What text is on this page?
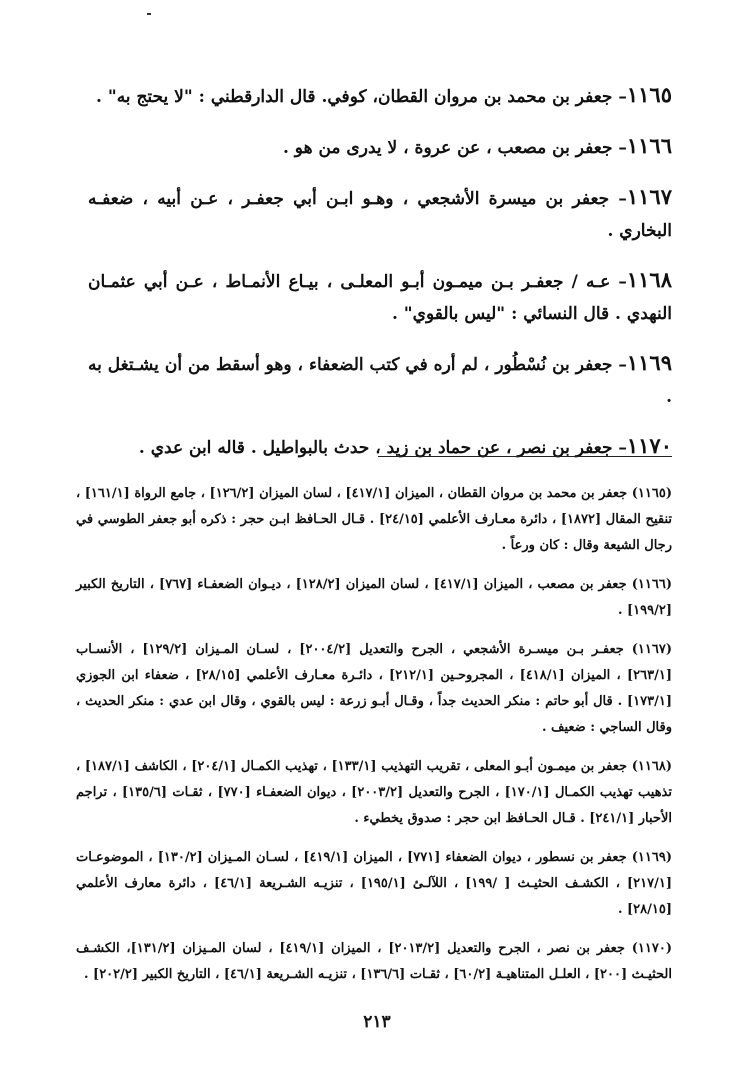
١١٦٥– جعفر بن محمد بن مروان القطان، كوفي. قال الدارقطني : "لا يحتج به" .

١١٦٦– جعفر بن مصعب ، عن عروة ، لا يدرى من هو .

١١٦٧– جعفر بن ميسرة الأشجعي ، وهـو ابـن أبي جعفـر ، عـن أبيه ، ضعفـه البخاري .

١١٦٨– عـه / جعفـر بـن ميمـون أبـو المعلـى ، بيـاع الأنمـاط ، عـن أبي عثمـان النهدي . قال النسائي : "ليس بالقوي" .

١١٦٩– جعفر بن نُسْطُور ، لم أره في كتب الضعفاء ، وهو أسقط من أن يشـتغل به .

١١٧٠– جعفر بن نصر ، عن حماد بن زيد ، حدث بالبواطيل . قاله ابن عدي .

(١١٦٥) جعفر بن محمد بن مروان القطان ، الميزان [٤١٧/١] ، لسان الميزان [١٢٦/٢] ، جامع الرواة [١٦١/١] ، تنقيح المقال [١٨٧٢] ، دائرة معـارف الأعلمي [٢٤/١٥] . قـال الحـافظ ابـن حجر : ذكره أبو جعفر الطوسي في رجال الشيعة وقال : كان ورعاً .

(١١٦٦) جعفر بن مصعب ، الميزان [٤١٧/١] ، لسان الميزان [١٢٨/٢] ، ديـوان الضعفـاء [٧٦٧] ، التاريخ الكبير [١٩٩/٢] .

(١١٦٧) جعفـر بـن ميسـرة الأشجعي ، الجرح والتعديل [٢٠٠٤/٢] ، لسـان المـيزان [١٢٩/٢] ، الأنسـاب [٢٦٣/١] ، الميزان [٤١٨/١] ، المجروحـين [٢١٢/١] ، دائـرة معـارف الأعلمي [٢٨/١٥] ، ضعفاء ابن الجوزي [١٧٣/١] . قال أبو حاتم : منكر الحديث جداً ، وقـال أبـو زرعة : ليس بالقوي ، وقال ابن عدي : منكر الحديث ، وقال الساجي : ضعيف .

(١١٦٨) جعفر بن ميمـون أبـو المعلى ، تقريب التهذيب [١٣٣/١] ، تهذيب الكمـال [٢٠٤/١] ، الكاشف [١٨٧/١] ، تذهيب تهذيب الكمـال [١٧٠/١] ، الجرح والتعديل [٢٠٠٣/٢] ، ديوان الضعفـاء [٧٧٠] ، ثقـات [١٣٥/٦] ، تراجم الأحبار [٢٤١/١] . قـال الحـافظ ابن حجر : صدوق يخطيء .

(١١٦٩) جعفر بن نسطور ، ديوان الضعفاء [٧٧١] ، الميزان [٤١٩/١] ، لسـان المـيزان [١٣٠/٢] ، الموضوعـات [٢١٧/١] ، الكشـف الحثيـث [ /١٩٩] ، اللآلـئ [١٩٥/١] ، تنزيـه الشـريعة [٤٦/١] ، دائرة معارف الأعلمي [٢٨/١٥] .

(١١٧٠) جعفر بن نصر ، الجرح والتعديل [٢٠١٣/٢] ، الميزان [٤١٩/١] ، لسان المـيزان [١٣١/٢]، الكشـف الحثيـث [٢٠٠] ، العلـل المتناهيـة [٦٠/٢] ، ثقـات [١٣٦/٦] ، تنزيـه الشـريعة [٤٦/١] ، التاريخ الكبير [٢٠٢/٢] .

٢١٣
